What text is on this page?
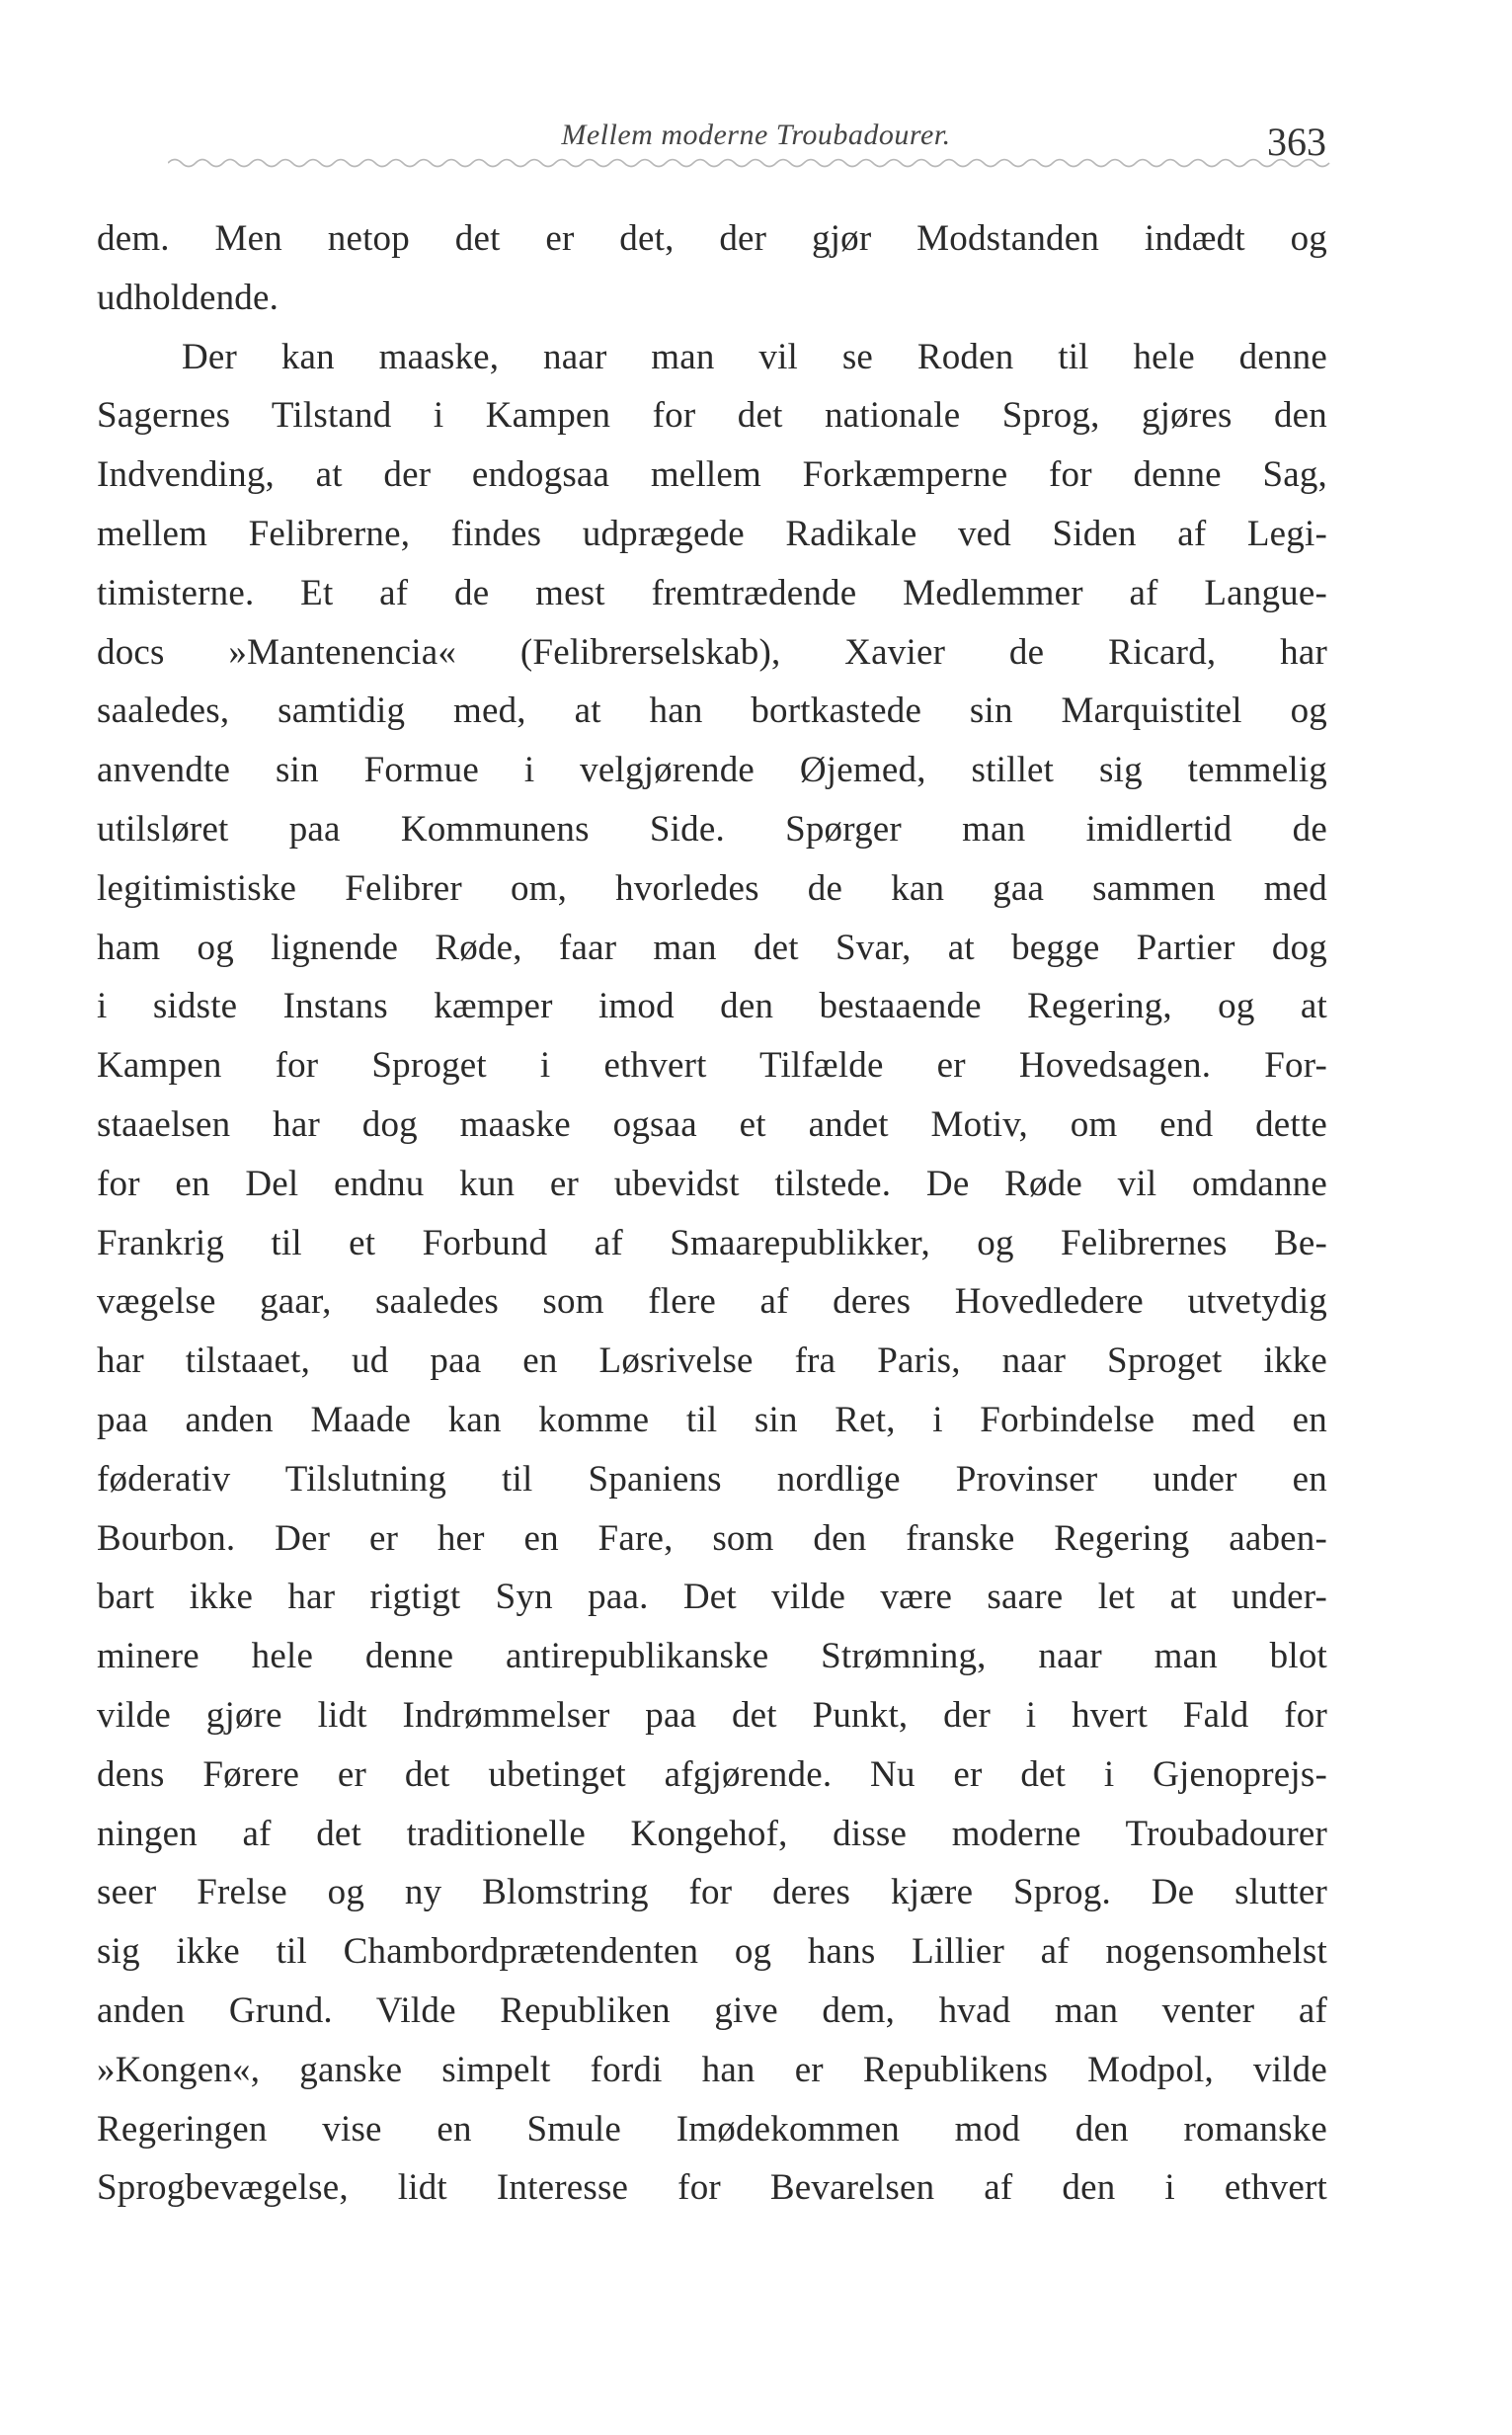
Mellem moderne Troubadourer.	363
dem. Men netop det er det, der gjør Modstanden indædt og
udholdende.
Der kan maaske, naar man vil se Roden til hele denne
Sagernes Tilstand i Kampen for det nationale Sprog, gjøres den
Indvending, at der endogsaa mellem Forkæmperne for denne Sag,
mellem Felibrerne, findes udprægede Radikale ved Siden af Legi-
timisterne. Et af de mest fremtrædende Medlemmer af Langue-
docs »Mantenencia« (Felibrerselskab), Xavier de Ricard, har
saaledes, samtidig med, at han bortkastede sin Marquistitel og
anvendte sin Formue i velgjørende Øjemed, stillet sig temmelig
utilsløret paa Kommunens Side. Spørger man imidlertid de
legitimistiske Felibrer om, hvorledes de kan gaa sammen med
ham og lignende Røde, faar man det Svar, at begge Partier dog
i sidste Instans kæmper imod den bestaaende Regering, og at
Kampen for Sproget i ethvert Tilfælde er Hovedsagen. For-
staaelsen har dog maaske ogsaa et andet Motiv, om end dette
for en Del endnu kun er ubevidst tilstede. De Røde vil omdanne
Frankrig til et Forbund af Smaarepublikker, og Felibrernes Be-
vægelse gaar, saaledes som flere af deres Hovedledere utvetydig
har tilstaaet, ud paa en Løsrivelse fra Paris, naar Sproget ikke
paa anden Maade kan komme til sin Ret, i Forbindelse med en
føderativ Tilslutning til Spaniens nordlige Provinser under en
Bourbon. Der er her en Fare, som den franske Regering aaben-
bart ikke har rigtigt Syn paa. Det vilde være saare let at under-
minere hele denne antirepublikanske Strømning, naar man blot
vilde gjøre lidt Indrømmelser paa det Punkt, der i hvert Fald for
dens Førere er det ubetinget afgjørende. Nu er det i Gjenoprejs-
ningen af det traditionelle Kongehof, disse moderne Troubadourer
seer Frelse og ny Blomstring for deres kjære Sprog. De slutter
sig ikke til Chambordprætendenten og hans Lillier af nogensomhelst
anden Grund. Vilde Republiken give dem, hvad man venter af
»Kongen«, ganske simpelt fordi han er Republikens Modpol, vilde
Regeringen vise en Smule Imødekommen mod den romanske
Sprogbevægelse, lidt Interesse for Bevarelsen af den i ethvert
